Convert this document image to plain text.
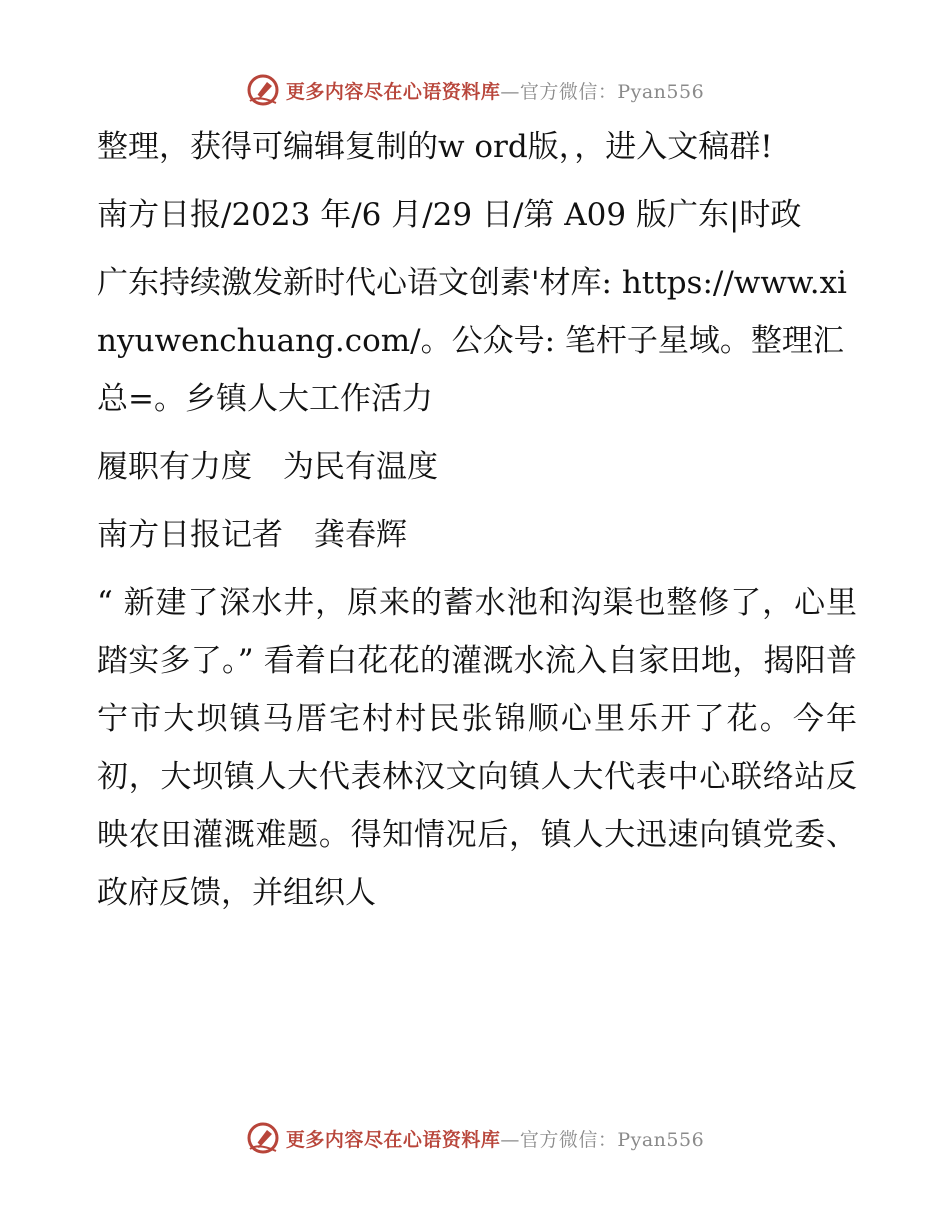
更多内容尽在心语资料库—官方微信：Pyan556

整理，获得可编辑复制的w ord版，，进入文稿群!

南方日报/2023 年/6 月/29 日/第 A09 版广东|时政

广东持续激发新时代心语文创素'材库: https://www.xinyuwenchuang.com/。公众号: 笔杆子星域。整理汇总=。乡镇人大工作活力

履职有力度　为民有温度

南方日报记者　龚春辉

“ 新建了深水井，原来的蓄水池和沟渠也整修了，心里踏实多了。” 看着白花花的灌溉水流入自家田地，揭阳普宁市大坝镇马厝宅村村民张锦顺心里乐开了花。今年初，大坝镇人大代表林汉文向镇人大代表中心联络站反映农田灌溉难题。得知情况后，镇人大迅速向镇党委、政府反馈，并组织人

更多内容尽在心语资料库—官方微信：Pyan556
